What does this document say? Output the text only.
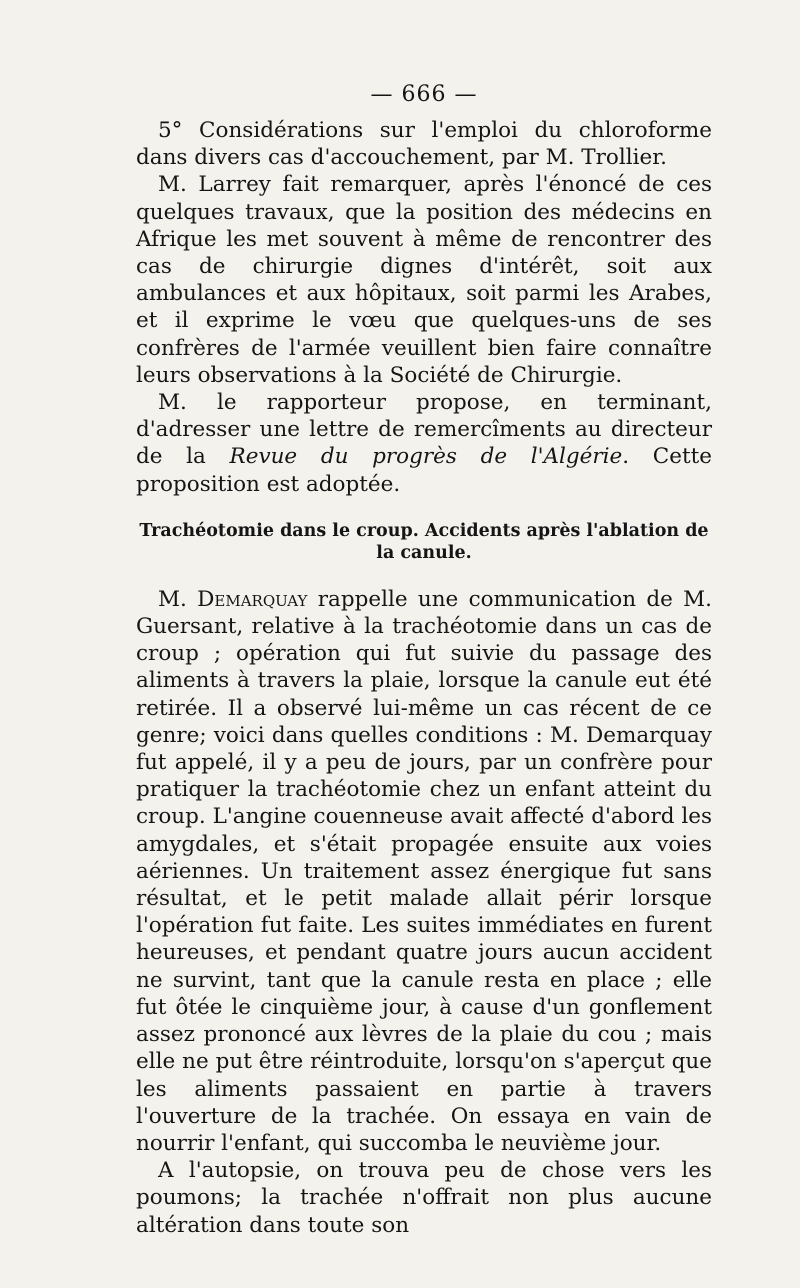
— 666 —

5° Considérations sur l'emploi du chloroforme dans divers cas d'accouchement, par M. Trollier.

M. Larrey fait remarquer, après l'énoncé de ces quelques travaux, que la position des médecins en Afrique les met souvent à même de rencontrer des cas de chirurgie dignes d'intérêt, soit aux ambulances et aux hôpitaux, soit parmi les Arabes, et il exprime le vœu que quelques-uns de ses confrères de l'armée veuillent bien faire connaître leurs observations à la Société de Chirurgie.

M. le rapporteur propose, en terminant, d'adresser une lettre de remercîments au directeur de la Revue du progrès de l'Algérie. Cette proposition est adoptée.

Trachéotomie dans le croup. Accidents après l'ablation de la canule.

M. Demarquay rappelle une communication de M. Guersant, relative à la trachéotomie dans un cas de croup ; opération qui fut suivie du passage des aliments à travers la plaie, lorsque la canule eut été retirée. Il a observé lui-même un cas récent de ce genre; voici dans quelles conditions : M. Demarquay fut appelé, il y a peu de jours, par un confrère pour pratiquer la trachéotomie chez un enfant atteint du croup. L'angine couenneuse avait affecté d'abord les amygdales, et s'était propagée ensuite aux voies aériennes. Un traitement assez énergique fut sans résultat, et le petit malade allait périr lorsque l'opération fut faite. Les suites immédiates en furent heureuses, et pendant quatre jours aucun accident ne survint, tant que la canule resta en place ; elle fut ôtée le cinquième jour, à cause d'un gonflement assez prononcé aux lèvres de la plaie du cou ; mais elle ne put être réintroduite, lorsqu'on s'aperçut que les aliments passaient en partie à travers l'ouverture de la trachée. On essaya en vain de nourrir l'enfant, qui succomba le neuvième jour.

A l'autopsie, on trouva peu de chose vers les poumons; la trachée n'offrait non plus aucune altération dans toute son
